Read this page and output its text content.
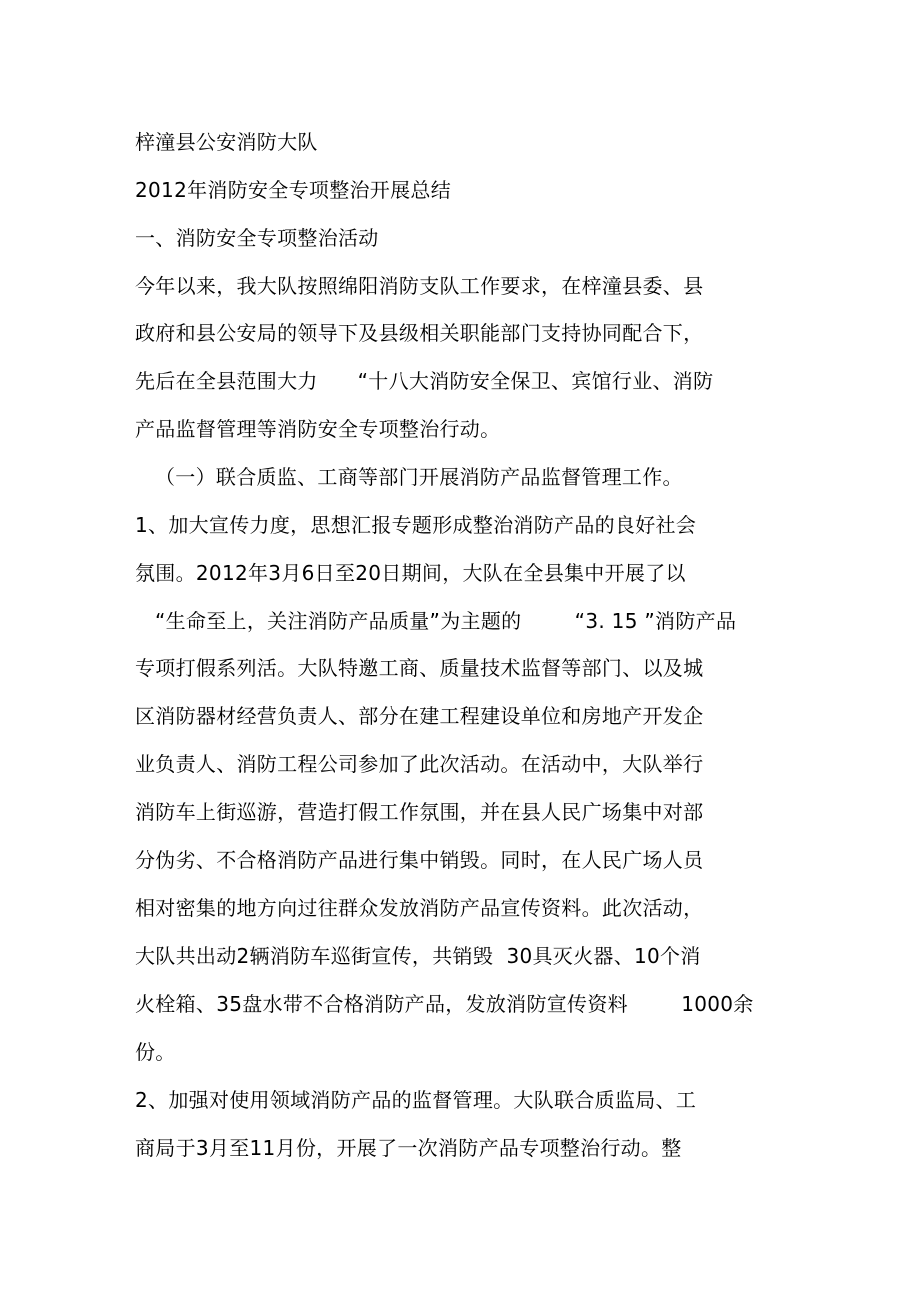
梓潼县公安消防大队
2012年消防安全专项整治开展总结
一、消防安全专项整治活动
今年以来，我大队按照绵阳消防支队工作要求，在梓潼县委、县
政府和县公安局的领导下及县级相关职能部门支持协同配合下，
先后在全县范围大力      “十八大消防安全保卫、宾馆行业、消防
产品监督管理等消防安全专项整治行动。
（一）联合质监、工商等部门开展消防产品监督管理工作。
1、加大宣传力度，思想汇报专题形成整治消防产品的良好社会
氛围。2012年3月6日至20日期间，大队在全县集中开展了以
“生命至上，关注消防产品质量”为主题的        “3. 15 ”消防产品
专项打假系列活。大队特邀工商、质量技术监督等部门、以及城
区消防器材经营负责人、部分在建工程建设单位和房地产开发企
业负责人、消防工程公司参加了此次活动。在活动中，大队举行
消防车上街巡游，营造打假工作氛围，并在县人民广场集中对部
分伪劣、不合格消防产品进行集中销毁。同时，在人民广场人员
相对密集的地方向过往群众发放消防产品宣传资料。此次活动，
大队共出动2辆消防车巡街宣传，共销毁  30具灭火器、10个消
火栓箱、35盘水带不合格消防产品，发放消防宣传资料        1000余
份。
2、加强对使用领域消防产品的监督管理。大队联合质监局、工
商局于3月至11月份，开展了一次消防产品专项整治行动。整
